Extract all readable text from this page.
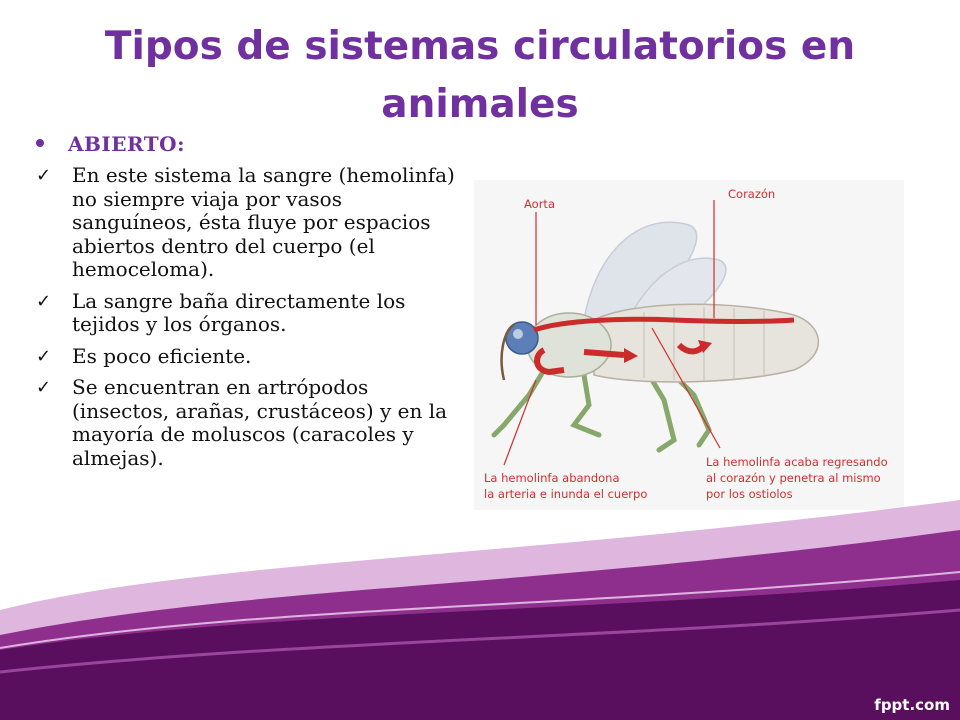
Tipos de sistemas circulatorios en
animales
ABIERTO:
✓	En este sistema la sangre (hemolinfa) no siempre viaja por vasos sanguíneos, ésta fluye por espacios abiertos dentro del cuerpo (el hemoceloma).
✓	La sangre baña directamente los tejidos y los órganos.
✓	Es poco eficiente.
✓	Se encuentran en artrópodos (insectos, arañas, crustáceos) y en la mayoría de moluscos (caracoles y almejas).
Aorta
Corazón
La hemolinfa abandona
la arteria e inunda el cuerpo
La hemolinfa acaba regresando
al corazón y penetra al mismo
por los ostiolos
fppt.com
